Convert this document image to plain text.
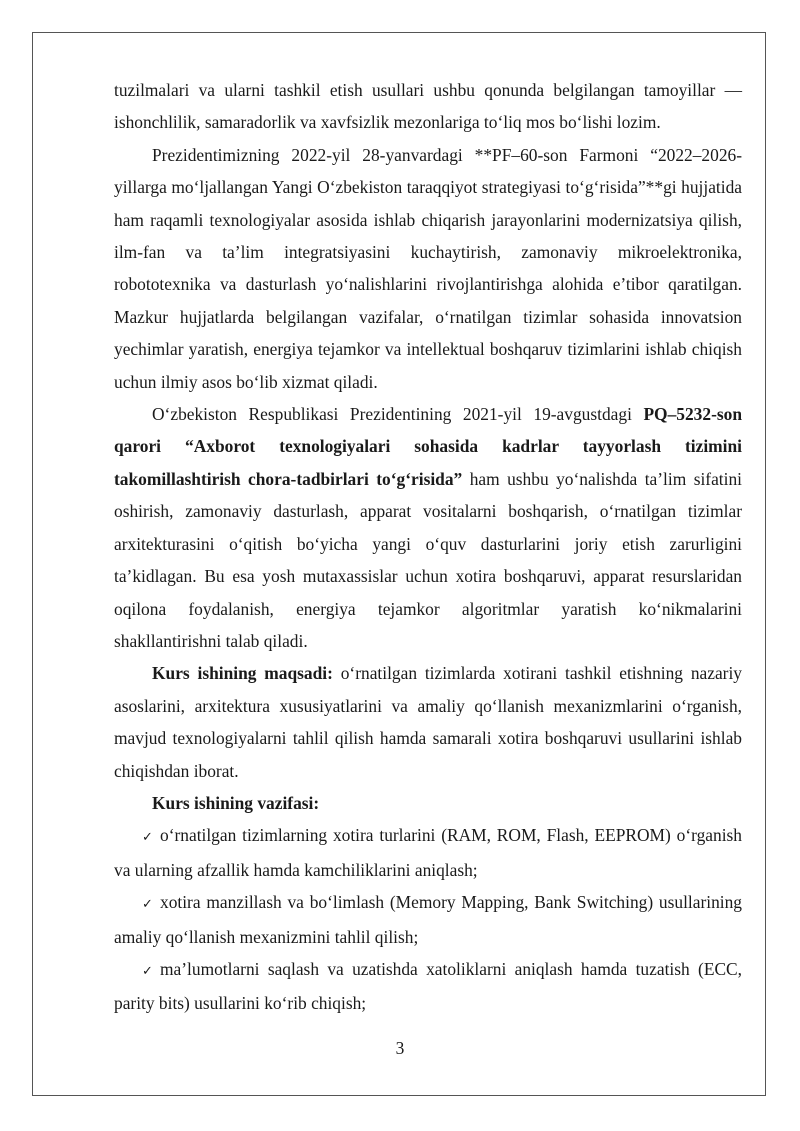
tuzilmalari va ularni tashkil etish usullari ushbu qonunda belgilangan tamoyillar — ishonchlilik, samaradorlik va xavfsizlik mezonlariga toʻliq mos boʻlishi lozim.

Prezidentimizning 2022-yil 28-yanvardagi **PF–60-son Farmoni “2022–2026-yillarga moʻljallangan Yangi Oʻzbekiston taraqqiyot strategiyasi toʻgʻrisida”**gi hujjatida ham raqamli texnologiyalar asosida ishlab chiqarish jarayonlarini modernizatsiya qilish, ilm-fan va ta’lim integratsiyasini kuchaytirish, zamonaviy mikroelektronika, robototexnika va dasturlash yoʻnalishlarini rivojlantirishga alohida e’tibor qaratilgan. Mazkur hujjatlarda belgilangan vazifalar, oʻrnatilgan tizimlar sohasida innovatsion yechimlar yaratish, energiya tejamkor va intellektual boshqaruv tizimlarini ishlab chiqish uchun ilmiy asos boʻlib xizmat qiladi.

Oʻzbekiston Respublikasi Prezidentining 2021-yil 19-avgustdagi PQ–5232-son qarori “Axborot texnologiyalari sohasida kadrlar tayyorlash tizimini takomillashtirish chora-tadbirlari toʻgʻrisida” ham ushbu yoʻnalishda ta’lim sifatini oshirish, zamonaviy dasturlash, apparat vositalarni boshqarish, oʻrnatilgan tizimlar arxitekturasini oʻqitish boʻyicha yangi oʻquv dasturlarini joriy etish zarurligini ta’kidlagan. Bu esa yosh mutaxassislar uchun xotira boshqaruvi, apparat resurslaridan oqilona foydalanish, energiya tejamkor algoritmlar yaratish koʻnikmalarini shakllantirishni talab qiladi.

Kurs ishining maqsadi: oʻrnatilgan tizimlarda xotirani tashkil etishning nazariy asoslarini, arxitektura xususiyatlarini va amaliy qoʻllanish mexanizmlarini oʻrganish, mavjud texnologiyalarni tahlil qilish hamda samarali xotira boshqaruvi usullarini ishlab chiqishdan iborat.

Kurs ishining vazifasi:

✓ oʻrnatilgan tizimlarning xotira turlarini (RAM, ROM, Flash, EEPROM) oʻrganish va ularning afzallik hamda kamchiliklarini aniqlash;

✓ xotira manzillash va boʻlimlash (Memory Mapping, Bank Switching) usullarining amaliy qoʻllanish mexanizmini tahlil qilish;

✓ ma’lumotlarni saqlash va uzatishda xatoliklarni aniqlash hamda tuzatish (ECC, parity bits) usullarini koʻrib chiqish;

3
